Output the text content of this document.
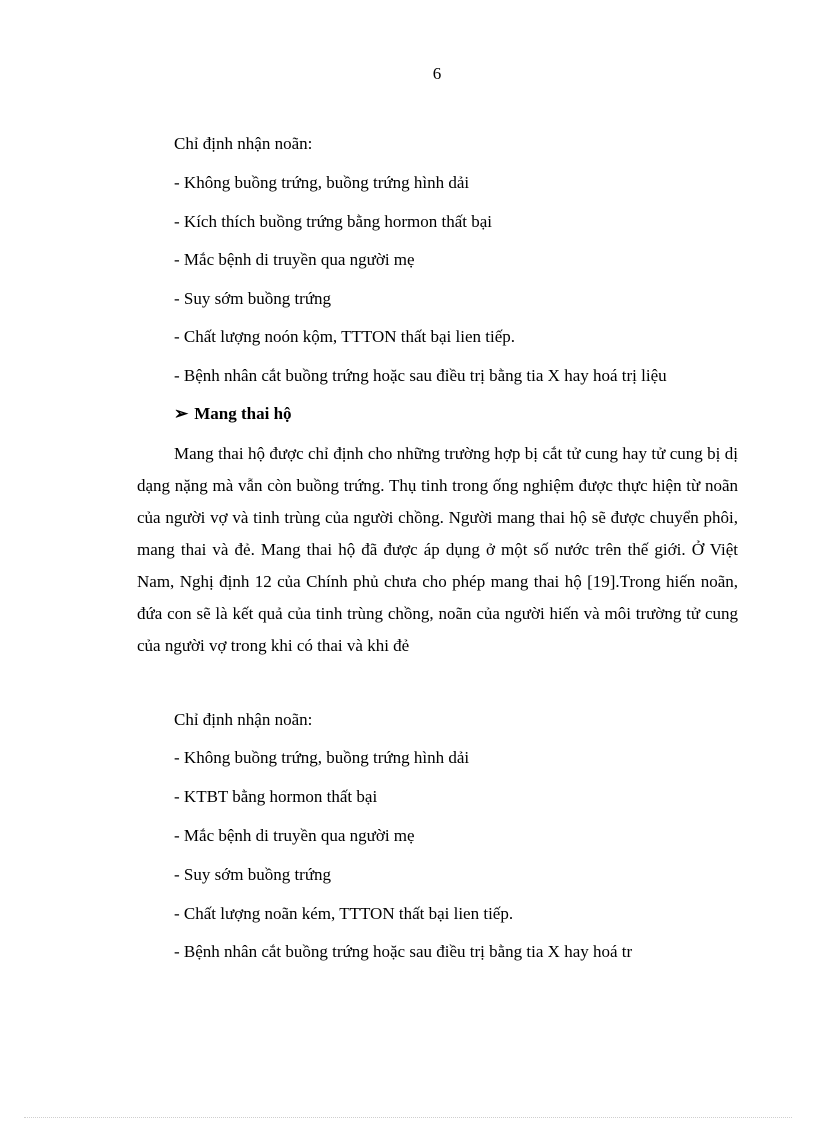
6
Chỉ định nhận noãn:
- Không buồng trứng, buồng trứng hình dải
- Kích thích buồng trứng bằng hormon thất bại
- Mắc bệnh di truyền qua người mẹ
- Suy sớm buồng trứng
- Chất lượng noón kộm, TTTON thất bại lien tiếp.
- Bệnh nhân cắt buồng trứng hoặc sau điều trị bằng tia X hay hoá trị liệu
➢ Mang thai hộ
Mang thai hộ được chỉ định cho những trường hợp bị cắt tử cung hay tử cung bị dị dạng nặng mà vẫn còn buồng trứng. Thụ tinh trong ống nghiệm được thực hiện từ noãn của người vợ và tinh trùng của người chồng. Người mang thai hộ sẽ được chuyển phôi, mang thai và đẻ. Mang thai hộ đã được áp dụng ở một số nước trên thế giới. Ở Việt Nam, Nghị định 12 của Chính phủ chưa cho phép mang thai hộ [19].Trong hiến noãn, đứa con sẽ là kết quả của tinh trùng chồng, noãn của người hiến và môi trường tử cung của người vợ trong khi có thai và khi đẻ
Chỉ định nhận noãn:
- Không buồng trứng, buồng trứng hình dải
- KTBT bằng hormon thất bại
- Mắc bệnh di truyền qua người mẹ
- Suy sớm buồng trứng
- Chất lượng noãn kém, TTTON thất bại lien tiếp.
- Bệnh nhân cắt buồng trứng hoặc sau điều trị bằng tia X hay hoá tr
